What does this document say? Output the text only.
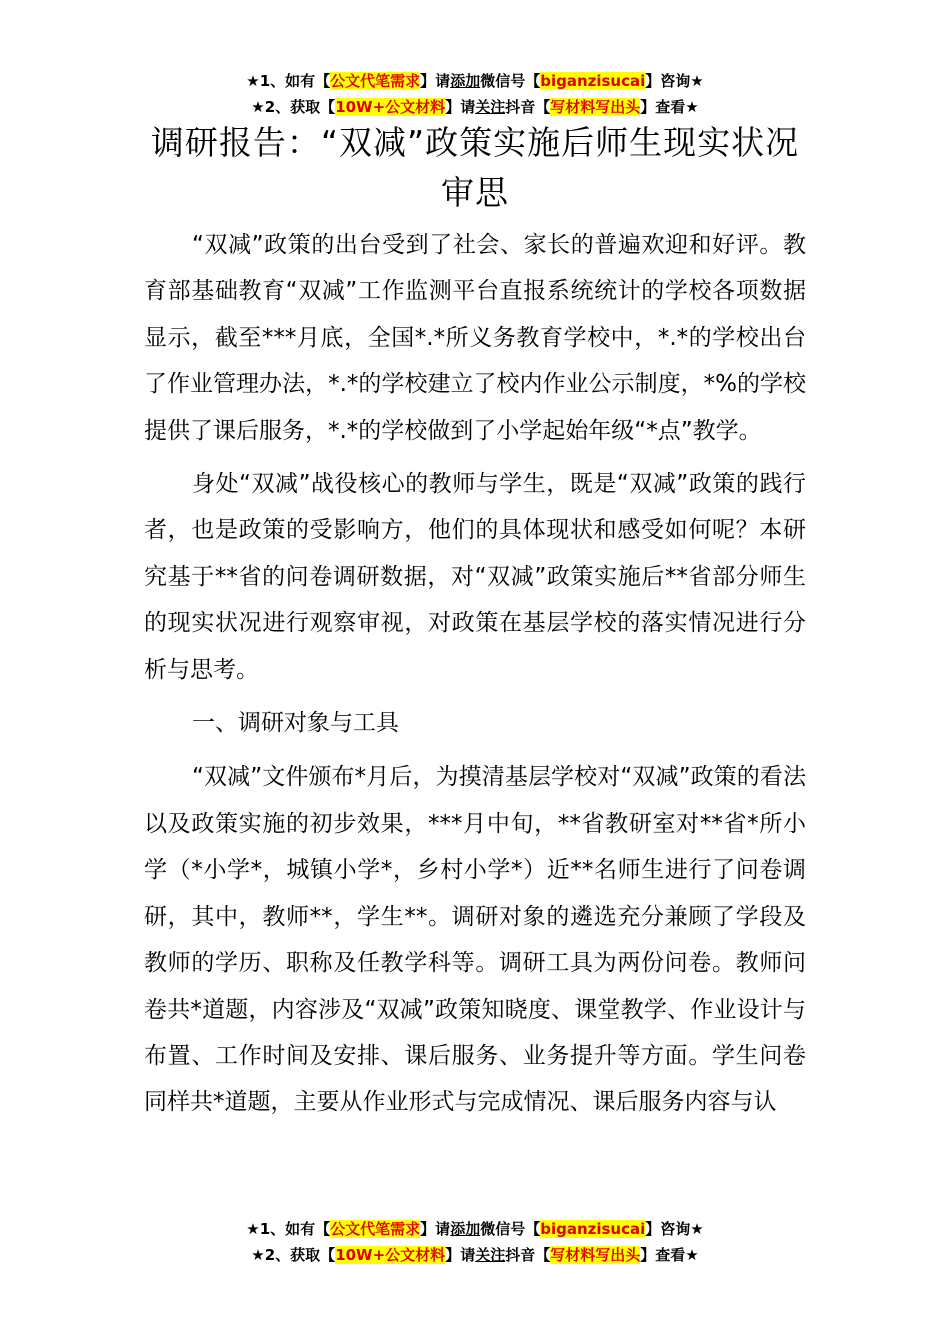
★1、如有【公文代笔需求】请添加微信号【biganzisucai】咨询★
★2、获取【10W+公文材料】请关注抖音【写材料写出头】查看★
调研报告：“双减”政策实施后师生现实状况审思

“双减”政策的出台受到了社会、家长的普遍欢迎和好评。教育部基础教育“双减”工作监测平台直报系统统计的学校各项数据显示，截至***月底，全国*.*所义务教育学校中，*.*的学校出台了作业管理办法，*.*的学校建立了校内作业公示制度，*%的学校提供了课后服务，*.*的学校做到了小学起始年级“*点”教学。

身处“双减”战役核心的教师与学生，既是“双减”政策的践行者，也是政策的受影响方，他们的具体现状和感受如何呢？本研究基于**省的问卷调研数据，对“双减”政策实施后**省部分师生的现实状况进行观察审视，对政策在基层学校的落实情况进行分析与思考。

一、调研对象与工具

“双减”文件颁布*月后，为摸清基层学校对“双减”政策的看法以及政策实施的初步效果，***月中旬，**省教研室对**省*所小学（*小学*，城镇小学*，乡村小学*）近**名师生进行了问卷调研，其中，教师**，学生**。调研对象的遴选充分兼顾了学段及教师的学历、职称及任教学科等。调研工具为两份问卷。教师问卷共*道题，内容涉及“双减”政策知晓度、课堂教学、作业设计与布置、工作时间及安排、课后服务、业务提升等方面。学生问卷同样共*道题，主要从作业形式与完成情况、课后服务内容与认

★1、如有【公文代笔需求】请添加微信号【biganzisucai】咨询★
★2、获取【10W+公文材料】请关注抖音【写材料写出头】查看★
